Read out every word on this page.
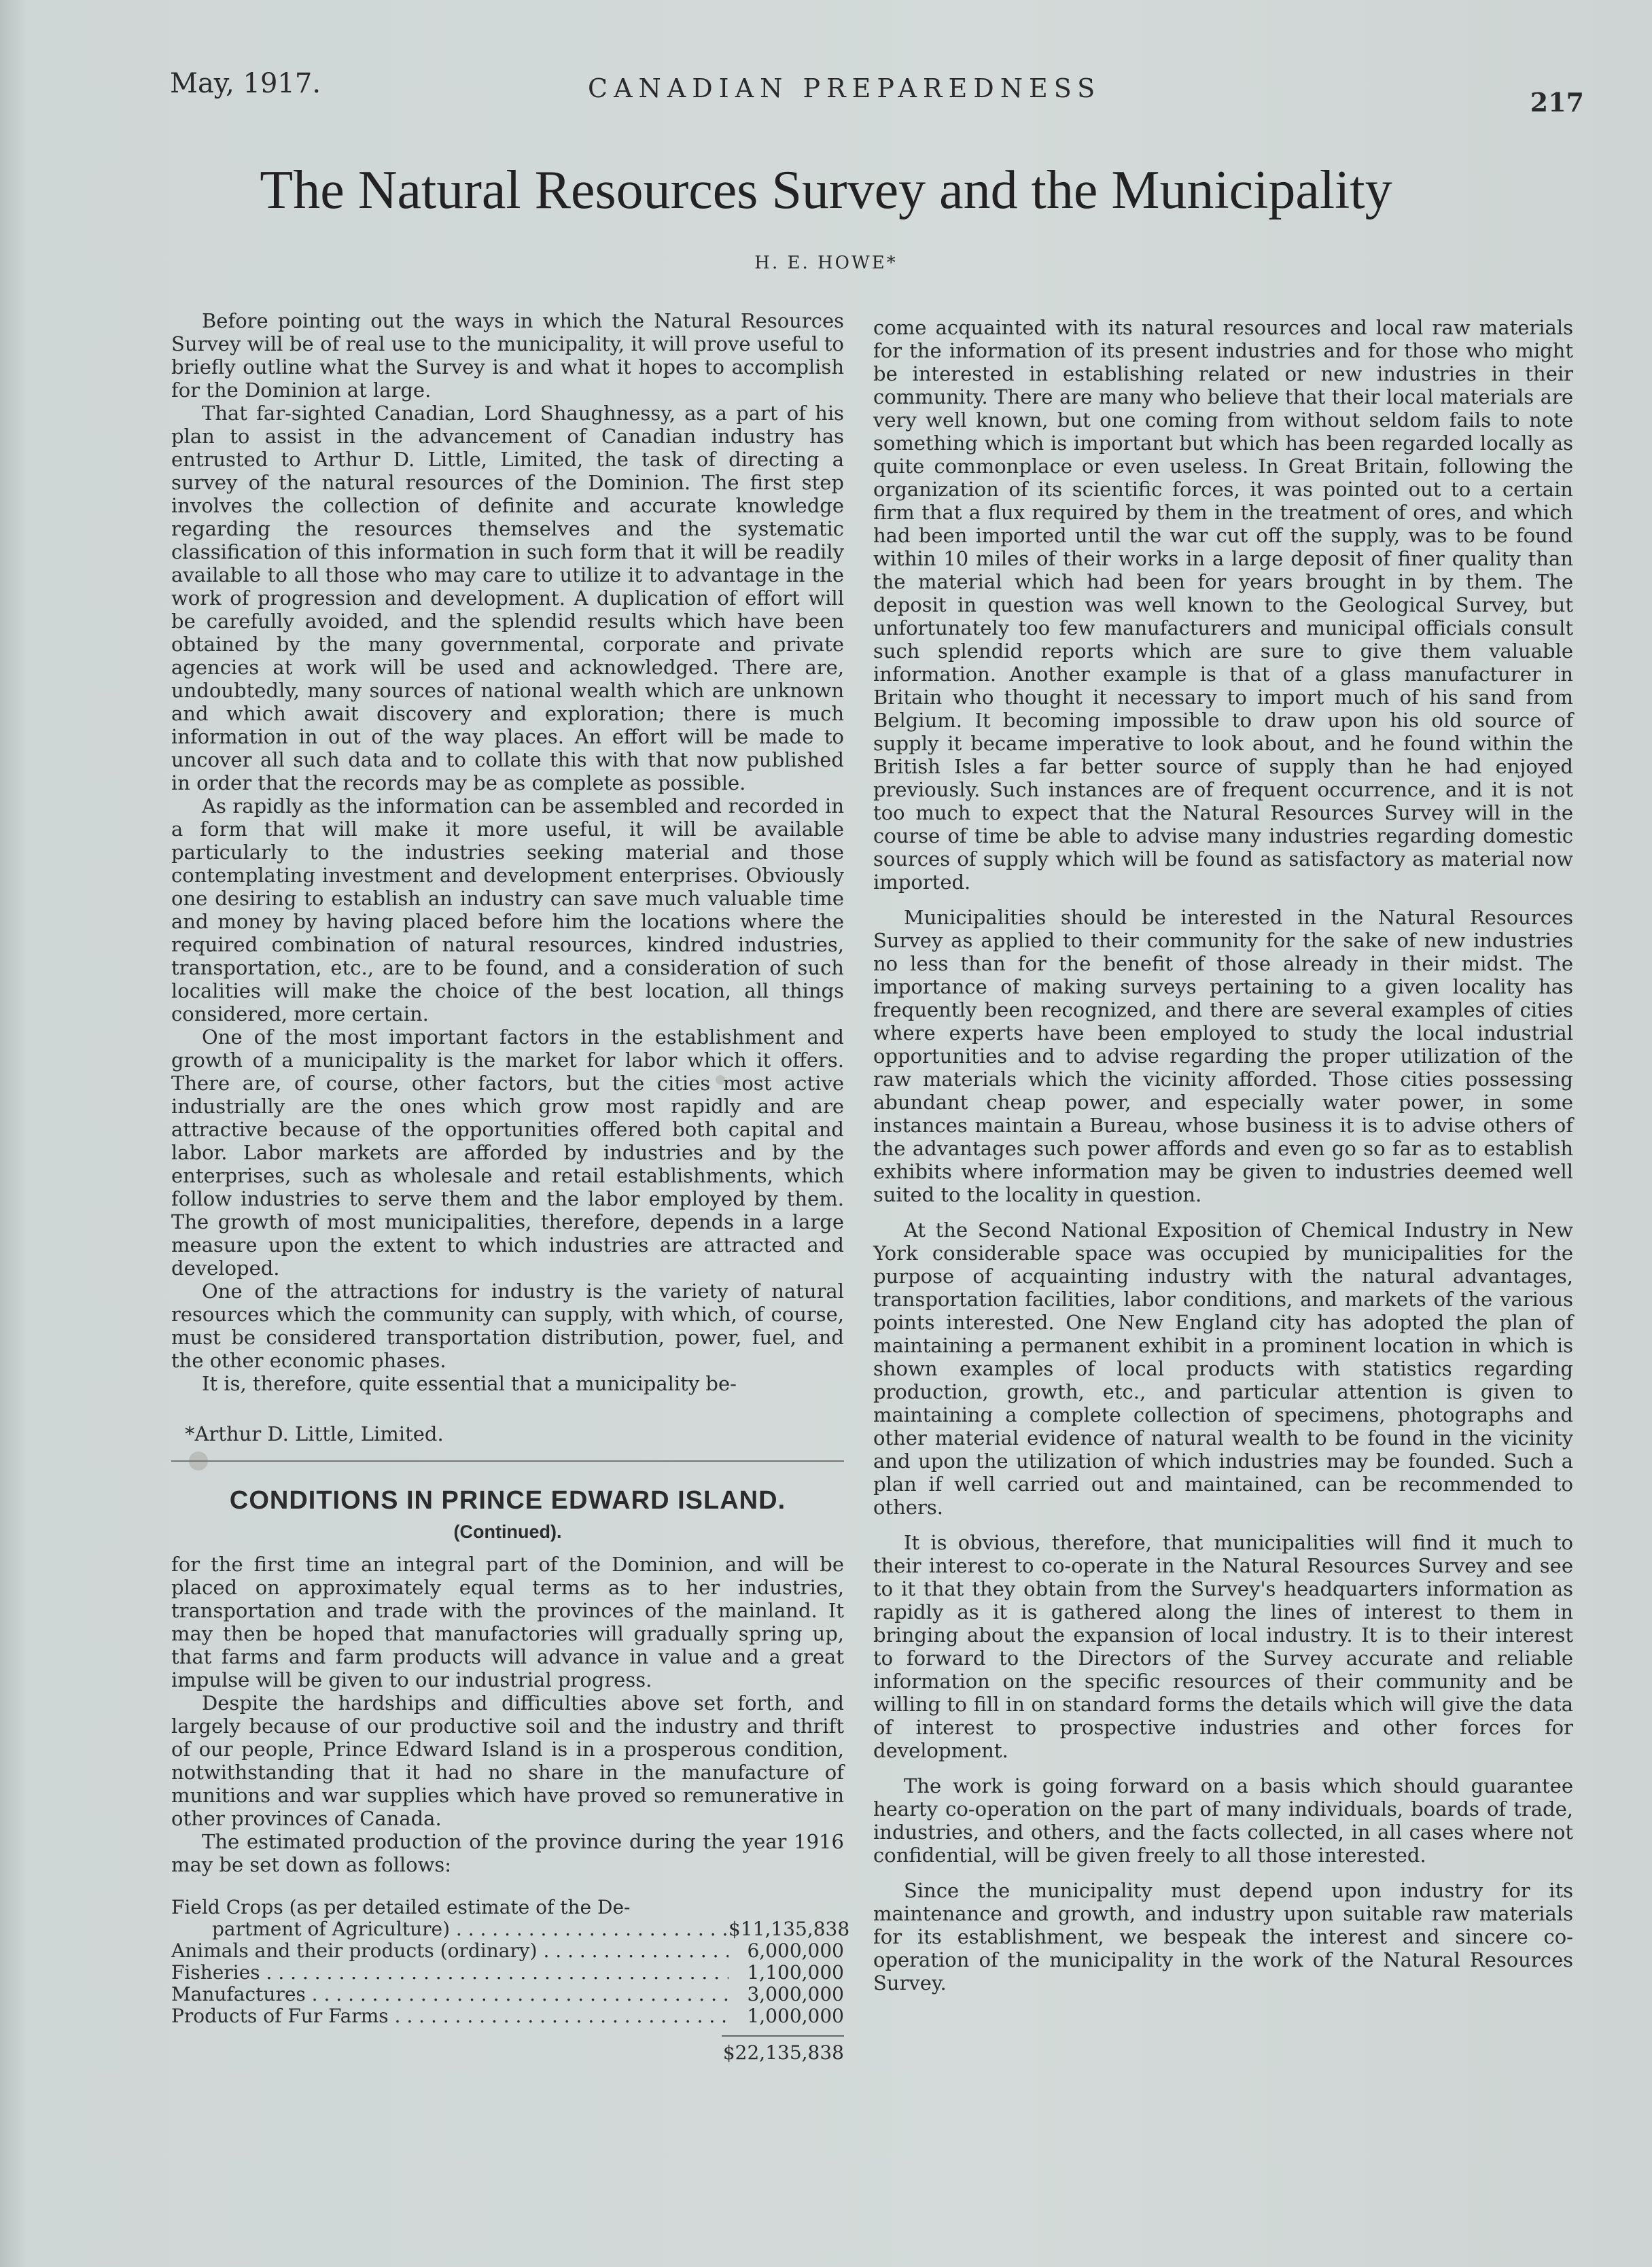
May, 1917.	CANADIAN PREPAREDNESS	217
The Natural Resources Survey and the Municipality
H. E. HOWE*

Before pointing out the ways in which the Natural Resources Survey will be of real use to the municipality, it will prove useful to briefly outline what the Survey is and what it hopes to accomplish for the Dominion at large.

That far-sighted Canadian, Lord Shaughnessy, as a part of his plan to assist in the advancement of Canadian industry has entrusted to Arthur D. Little, Limited, the task of directing a survey of the natural resources of the Dominion. The first step involves the collection of definite and accurate knowledge regarding the resources themselves and the systematic classification of this information in such form that it will be readily available to all those who may care to utilize it to advantage in the work of progression and development. A duplication of effort will be carefully avoided, and the splendid results which have been obtained by the many governmental, corporate and private agencies at work will be used and acknowledged. There are, undoubtedly, many sources of national wealth which are unknown and which await discovery and exploration; there is much information in out of the way places. An effort will be made to uncover all such data and to collate this with that now published in order that the records may be as complete as possible.

As rapidly as the information can be assembled and recorded in a form that will make it more useful, it will be available particularly to the industries seeking material and those contemplating investment and development enterprises. Obviously one desiring to establish an industry can save much valuable time and money by having placed before him the locations where the required combination of natural resources, kindred industries, transportation, etc., are to be found, and a consideration of such localities will make the choice of the best location, all things considered, more certain.

One of the most important factors in the establishment and growth of a municipality is the market for labor which it offers. There are, of course, other factors, but the cities most active industrially are the ones which grow most rapidly and are attractive because of the opportunities offered both capital and labor. Labor markets are afforded by industries and by the enterprises, such as wholesale and retail establishments, which follow industries to serve them and the labor employed by them. The growth of most municipalities, therefore, depends in a large measure upon the extent to which industries are attracted and developed.

One of the attractions for industry is the variety of natural resources which the community can supply, with which, of course, must be considered transportation distribution, power, fuel, and the other economic phases.

It is, therefore, quite essential that a municipality be-

*Arthur D. Little, Limited.

CONDITIONS IN PRINCE EDWARD ISLAND.
(Continued).

for the first time an integral part of the Dominion, and will be placed on approximately equal terms as to her industries, transportation and trade with the provinces of the mainland. It may then be hoped that manufactories will gradually spring up, that farms and farm products will advance in value and a great impulse will be given to our industrial progress.

Despite the hardships and difficulties above set forth, and largely because of our productive soil and the industry and thrift of our people, Prince Edward Island is in a prosperous condition, notwithstanding that it had no share in the manufacture of munitions and war supplies which have proved so remunerative in other provinces of Canada.

The estimated production of the province during the year 1916 may be set down as follows:

Field Crops (as per detailed estimate of the De-
partment of Agriculture) . . .	$11,135,838
Animals and their products (ordinary) . . .	6,000,000
Fisheries . . .	1,100,000
Manufactures . . .	3,000,000
Products of Fur Farms . . .	1,000,000
$22,135,838

come acquainted with its natural resources and local raw materials for the information of its present industries and for those who might be interested in establishing related or new industries in their community. There are many who believe that their local materials are very well known, but one coming from without seldom fails to note something which is important but which has been regarded locally as quite commonplace or even useless. In Great Britain, following the organization of its scientific forces, it was pointed out to a certain firm that a flux required by them in the treatment of ores, and which had been imported until the war cut off the supply, was to be found within 10 miles of their works in a large deposit of finer quality than the material which had been for years brought in by them. The deposit in question was well known to the Geological Survey, but unfortunately too few manufacturers and municipal officials consult such splendid reports which are sure to give them valuable information. Another example is that of a glass manufacturer in Britain who thought it necessary to import much of his sand from Belgium. It becoming impossible to draw upon his old source of supply it became imperative to look about, and he found within the British Isles a far better source of supply than he had enjoyed previously. Such instances are of frequent occurrence, and it is not too much to expect that the Natural Resources Survey will in the course of time be able to advise many industries regarding domestic sources of supply which will be found as satisfactory as material now imported.

Municipalities should be interested in the Natural Resources Survey as applied to their community for the sake of new industries no less than for the benefit of those already in their midst. The importance of making surveys pertaining to a given locality has frequently been recognized, and there are several examples of cities where experts have been employed to study the local industrial opportunities and to advise regarding the proper utilization of the raw materials which the vicinity afforded. Those cities possessing abundant cheap power, and especially water power, in some instances maintain a Bureau, whose business it is to advise others of the advantages such power affords and even go so far as to establish exhibits where information may be given to industries deemed well suited to the locality in question.

At the Second National Exposition of Chemical Industry in New York considerable space was occupied by municipalities for the purpose of acquainting industry with the natural advantages, transportation facilities, labor conditions, and markets of the various points interested. One New England city has adopted the plan of maintaining a permanent exhibit in a prominent location in which is shown examples of local products with statistics regarding production, growth, etc., and particular attention is given to maintaining a complete collection of specimens, photographs and other material evidence of natural wealth to be found in the vicinity and upon the utilization of which industries may be founded. Such a plan if well carried out and maintained, can be recommended to others.

It is obvious, therefore, that municipalities will find it much to their interest to co-operate in the Natural Resources Survey and see to it that they obtain from the Survey's headquarters information as rapidly as it is gathered along the lines of interest to them in bringing about the expansion of local industry. It is to their interest to forward to the Directors of the Survey accurate and reliable information on the specific resources of their community and be willing to fill in on standard forms the details which will give the data of interest to prospective industries and other forces for development.

The work is going forward on a basis which should guarantee hearty co-operation on the part of many individuals, boards of trade, industries, and others, and the facts collected, in all cases where not confidential, will be given freely to all those interested.

Since the municipality must depend upon industry for its maintenance and growth, and industry upon suitable raw materials for its establishment, we bespeak the interest and sincere co-operation of the municipality in the work of the Natural Resources Survey.
